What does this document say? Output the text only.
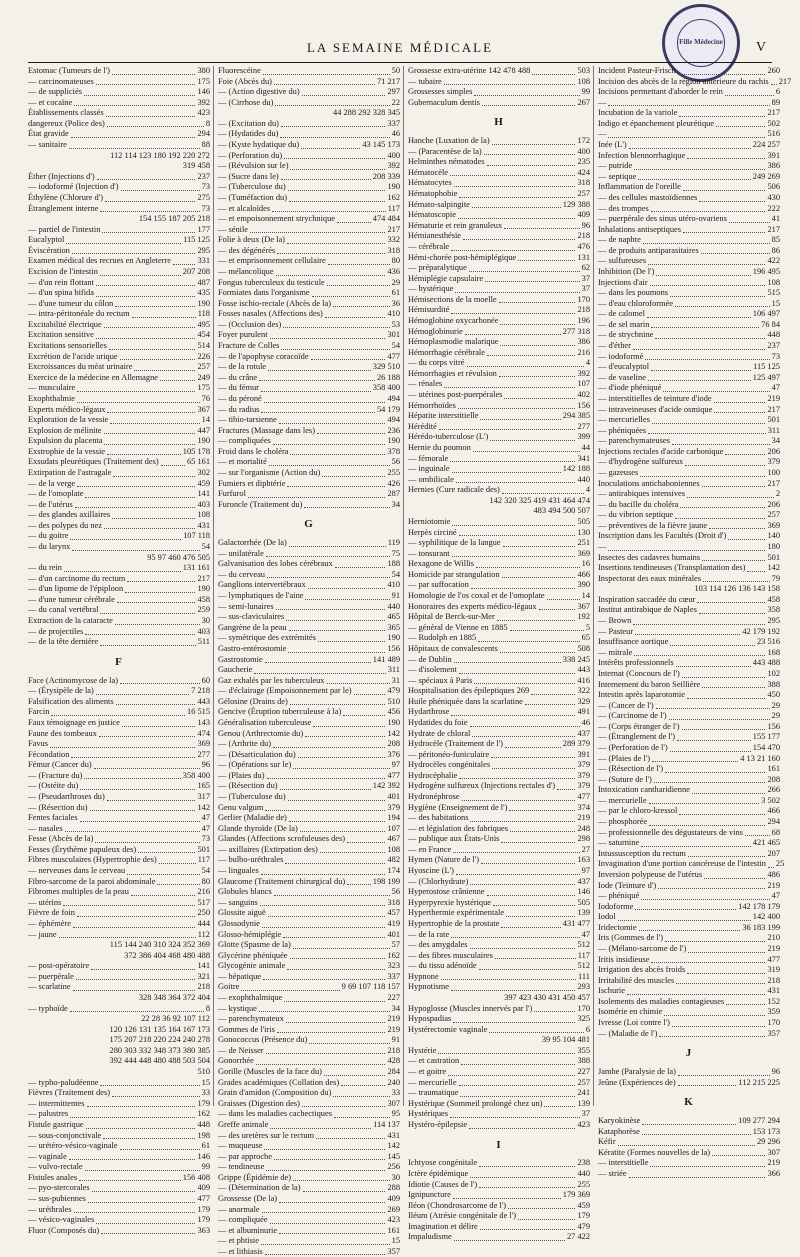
LA SEMAINE MÉDICALE	V
Fille Médecine
Estomac (Tumeurs de l')	380
— carcinomateuses	175
— de suppliciés	146
— et cocaïne	392
Établissements classés	423
dangereux (Police des)	8
État gravide	294
— sanitaire	88
112 114 123 180 192 220 272
319 458
Éther (Injections d')	237
— iodoformé (Injection d')	73
Éthylène (Chlorure d')	275
Étranglement interne	73
154 155 187 205 218
— partiel de l'intestin	177
Eucalyptol	115 125
Éviscération	295
Examen médical des recrues en Angleterre	331
Excision de l'intestin	207 208
— d'un rein flottant	487
— d'un spina bifida	435
— d'une tumeur du côlon	190
— intra-péritonéale du rectum	118
Excitabilité électrique	495
Excitation sensitive	454
Excitations sensorielles	514
Excrétion de l'acide urique	226
Excroissances du méat urinaire	257
Exercice de la médecine en Allemagne	249
— musculaire	175
Exophthalmie	76
Experts médico-légaux	367
Exploration de la vessie	14
Explosion de mélinite	447
Expulsion du placenta	190
Exstrophie de la vessie	105 178
Exsudats pleurétiques (Traitement des)	65 161
Extirpation de l'astragale	302
— de la verge	459
— de l'omoplate	141
— de l'utérus	403
— des glandes axillaires	108
— des polypes du nez	431
— du goitre	107 118
— du larynx	54
95 97 460 476 505
— du rein	131 161
— d'un carcinome du rectum	217
— d'un lipome de l'épiploon	190
— d'une tumeur cérébrale	458
— du canal vertébral	259
Extraction de la cataracte	30
— de projectiles	403
— de la tête dernière	511
F
Face (Actinomycose de la)	60
— (Érysipèle de la)	7 218
Falsification des aliments	443
Farcin	16 515
Faux témoignage en justice	143
Faune des tombeaux	474
Favus	369
Fécondation	277
Fémur (Cancer du)	96
— (Fracture du)	358 400
— (Ostéite du)	165
— (Pseudarthroses du)	317
— (Résection du)	142
Fentes faciales	47
— nasales	47
Fesse (Abcès de la)	73
Fesses (Érythème papuleux des)	501
Fibres musculaires (Hypertrophie des)	117
— nerveuses dans le cerveau	54
Fibro-sarcome de la paroi abdominale	80
Fibromes multiples de la peau	216
— utérins	517
Fièvre de foin	250
— éphémère	444
— jaune	112
115 144 240 310 324 352 369
372 386 404 468 480 488
— post-opératoire	141
— puerpérale	321
— scarlatine	218
328 348 364 372 404
— typhoïde	8
22 28 36 92 107 112
120 126 131 135 164 167 173
175 207 218 220 224 240 278
280 303 332 348 373 380 385
392 444 448 480 488 503 504
510
— typho-paludéenne	15
Fièvres (Traitement des)	33
— intermittentes	179
— palustres	162
Fistule gastrique	448
— sous-conjonctivale	198
— urétéro-vésico-vaginale	61
— vaginale	146
— vulvo-rectale	99
Fistules anales	156 408
— pyo-stercorales	409
— sus-pubiennes	477
— uréthrales	179
— vésico-vaginales	179
Fluor (Composés du)	363
Fluorescéine	50
Foie (Abcès du)	71 217
— (Action digestive du)	297
— (Cirrhose du)	22
44 288 292 328 345
— (Excitation du)	337
— (Hydatides du)	46
— (Kyste hydatique du)	43 145 173
— (Perforation du)	400
— (Révulsion sur le)	392
— (Sucre dans le)	208 339
— (Tuberculose du)	190
— (Tuméfaction du)	162
— et alcaloïdes	117
— et empoisonnement strychnique	474 484
— sénile	217
Folie à deux (De la)	332
— des dégénérés	318
— et emprisonnement cellulaire	80
— mélancolique	436
Fongus tuberculeux du testicule	29
Formiates dans l'organisme	61
Fosse ischio-rectale (Abcès de la)	36
Fosses nasales (Affections des)	410
— (Occlusion des)	53
Foyer purulent	301
Fracture de Colles	54
— de l'apophyse coracoïde	477
— de la rotule	329 510
— du crâne	26 188
— du fémur	358 400
— du péroné	494
— du radius	54 179
— tibio-tarsienne	494
Fractures (Massage dans les)	236
— compliquées	190
Froid dans le choléra	378
— et mortalité	56
— sur l'organisme (Action du)	255
Fumiers et diphtérie	426
Furfurol	287
Furoncle (Traitement du)	34
G
Galactorrhée (De la)	119
— unilatérale	75
Galvanisation des lobes cérébraux	188
— du cerveau	54
Ganglions intervertébraux	410
— lymphatiques de l'aine	91
— semi-lunaires	440
— sus-claviculaires	465
Gangrène de la peau	365
— symétrique des extrémités	190
Gastro-entérostomie	156
Gastrostomie	141 489
Gaucherie	311
Gaz exhalés par les tuberculeux	31
— d'éclairage (Empoisonnement par le)	479
Gélosine (Drains de)	510
Gencive (Éruption tuberculeuse à la)	456
Généralisation tuberculeuse	190
Genou (Arthrectomie du)	142
— (Arthrite du)	208
— (Désarticulation du)	376
— (Opérations sur le)	97
— (Plaies du)	477
— (Résection du)	142 392
— (Tuberculose du)	401
Genu valgum	379
Gerlier (Maladie de)	194
Glande thyroïde (De la)	107
Glandes (Affections scrofuleuses des)	467
— axillaires (Extirpation des)	108
— bulbo-uréthrales	482
— linguales	174
Glaucome (Traitement chirurgical du)	198 199
Globules blancs	56
— sanguins	318
Glossite aiguë	457
Glossodynie	419
Glosso-hémiplégie	401
Glotte (Spasme de la)	57
Glycérine phéniquée	162
Glycogénie animale	323
— hépatique	337
Goitre	9 69 107 118 157
— exophthalmique	227
— kystique	34
— parenchymateux	219
Gommes de l'iris	219
Gonococcus (Présence du)	91
— de Neisser	218
Gonorrhée	428
Gorille (Muscles de la face du)	284
Grades académiques (Collation des)	240
Grain d'amidon (Composition du)	33
Graisses (Digestion des)	307
— dans les maladies cachectiques	95
Greffe animale	114 137
— des uretères sur le rectum	431
— muqueuse	142
— par approche	145
— tendineuse	256
Grippe (Épidémie de)	30
— (Détermination de la)	288
Grossesse (De la)	409
— anormale	269
— compliquée	423
— et albuminurie	161
— et phtisie	15
— et lithiasis	357
Grossesse extra-utérine 142 478 488	503
— tubaire	108
Grossesses simples	99
Gubernaculum dentis	267
H
Hanche (Luxation de la)	172
— (Paracentèse de la)	400
Helminthes nématodes	235
Hématocèle	424
Hématocytes	318
Hématophobie	257
Hémato-salpingite	129 388
Hématoscopie	409
Hématurie et rein granuleux	96
Hémianesthésie	218
— cérébrale	476
Hémi-chorée post-hémiplégique	131
— préparalytique	62
Hémiplégie capsulaire	37
— hystérique	37
Hémisections de la moelle	170
Hémisurdité	218
Hémoglobine oxycarbonée	196
Hémoglobinurie	277 318
Hémoplasmodie malarique	386
Hémorrhagie cérébrale	216
— du corps vitré	4
Hémorrhagies et révulsion	392
— rénales	107
— utérines post-puerpérales	402
Hémorrhoïdes	156
Hépatite interstitielle	294 385
Hérédité	277
Hérédo-tuberculose (L')	399
Hernie du poumon	44
— fémorale	341
— inguinale	142 188
— ombilicale	440
Hernies (Cure radicale des)	4
142 320 325 419 431 464 474
483 494 500 507
Herniotomie	505
Herpès circiné	130
— syphilitique de la langue	251
— tonsurant	369
Hexagone de Willis	16
Homicide par strangulation	466
— par suffocation	390
Homologie de l'os coxal et de l'omoplate	14
Honoraires des experts médico-légaux	367
Hôpital de Berck-sur-Mer	192
— général de Vienne en 1885	5
— Rudolph en 1885	65
Hôpitaux de convalescents	508
— de Dublin	338 245
— d'isolement	443
— spéciaux à Paris	416
Hospitalisation des épileptiques 269	322
Huile phéniquée dans la scarlatine	329
Hydarthrose	491
Hydatides du foie	46
Hydrate de chloral	437
Hydrocèle (Traitement de l')	289 379
— péritonéo-funiculaire	391
Hydrocèles congénitales	379
Hydrocéphalie	379
Hydrogène sulfureux (Injections rectales d')	379
Hydronéphrose	477
Hygiène (Enseignement de l')	374
— des habitations	219
— et législation des fabriques	248
— publique aux États-Unis	298
— en France	27
Hymen (Nature de l')	163
Hyoscine (L')	97
— (Chlorhydrate)	437
Hyperostose crânienne	146
Hyperpyrexie hystérique	505
Hyperthermie expérimentale	139
Hypertrophie de la prostate	431 477
— de la rate	47
— des amygdales	512
— des fibres musculaires	117
— du tissu adénoïde	512
Hypnone	111
Hypnotisme	293
397 423 430 431 450 457
Hypoglosse (Muscles innervés par l')	170
Hypospadias	325
Hystérectomie vaginale	6
39 95 104 481
Hystérie	355
— et castration	388
— et goitre	227
— mercurielle	257
— traumatique	241
Hystérique (Sommeil prolongé chez un)	139
Hystériques	37
Hystéro-épilepsie	423
I
Ichtyose congénitale	238
Ictère épidémique	440
Idiotie (Causes de l')	255
Ignipuncture	179 369
Iléon (Chondrosarcome de l')	459
Iléum (Atrésie congénitale de l')	179
Imagination et délire	479
Impaludisme	27 422
Incident Pasteur-Frisch	260
Incision des abcès de la région antérieure du rachis 217
Incisions permettant d'aborder le rein	6
—	89
Incubation de la variole	217
Indigo et épanchement pleurétique	502
—	516
Inée (L')	224 257
Infection blennorrhagique	391
— putride	386
— septique	249 269
Inflammation de l'oreille	506
— des cellules mastoïdiennes	430
— des trompes	222
— puerpérale des sinus utéro-ovariens	41
Inhalations antiseptiques	217
— de naphte	85
— de produits antiparasitaires	86
— sulfureuses	422
Inhibition (De l')	196 495
Injections d'air	108
— dans les poumons	515
— d'eau chloroformée	15
— de calomel	106 497
— de sel marin	76 84
— de strychnine	448
— d'éther	237
— iodoformé	73
— d'eucalyptol	115 125
— de vaseline	125 497
— d'iode phéniqué	47
— interstitielles de teinture d'iode	219
— intraveineuses d'acide osmique	217
— mercurielles	501
— phéniquées	311
— parenchymateuses	34
Injections rectales d'acide carbonique	206
— d'hydrogène sulfureux	379
— gazeuses	100
Inoculations antichaboniennes	217
— antirabiques intensives	2
— du bacille du choléra	206
— du vibrion septique	257
— préventives de la fièvre jaune	369
Inscription dans les Facultés (Droit d')	140
—	180
Insectes des cadavres humains	501
Insertions tendineuses (Transplantation des)	142
Inspectorat des eaux minérales	79
103 114 126 136 143 158
Inspiration saccadée du cœur	458
Institut antirabique de Naples	358
— Brown	295
— Pasteur	42 179 192
Insuffisance aortique	23 516
— mitrale	168
Intérêts professionnels	443 488
Internat (Concours de l')	102
Internement du baron Seillière	388
Intestin après laparotomie	450
— (Cancer de l')	29
— (Carcinome de l')	29
— (Corps étranger de l')	156
— (Étranglement de l')	155 177
— (Perforation de l')	154 470
— (Plaies de l')	4 13 21 160
— (Résection de l')	161
— (Suture de l')	208
Intoxication cantharidienne	266
— mercurielle	3 502
— par le chloro-kressol	466
— phosphorée	294
— professionnelle des dégustateurs de vins	68
— saturnine	421 465
Intussusception du rectum	207
Invagination d'une portion cancéreuse de l'intestin 25
Inversion polypeuse de l'utérus	486
Iode (Teinture d')	219
— phéniqué	47
Iodoforme	142 178 179
Iodol	142 400
Iridectomie	36 183 199
Iris (Gommes de l')	210
— (Mélano-sarcome de l')	219
Iritis insidieuse	477
Irrigation des abcès froids	319
Irritabilité des muscles	218
Ischurie	431
Isolements des maladies contagieuses	152
Isomérie en chimie	359
Ivresse (Loi contre l')	170
— (Maladie de l')	357
J
Jambe (Paralysie de la)	96
Jeûne (Expériences de)	112 215 225
K
Karyokinèse	109 277 294
Kataphorèse	153 173
Kéfir	29 296
Kératite (Formes nouvelles de la)	307
— interstitielle	219
— striée	366
